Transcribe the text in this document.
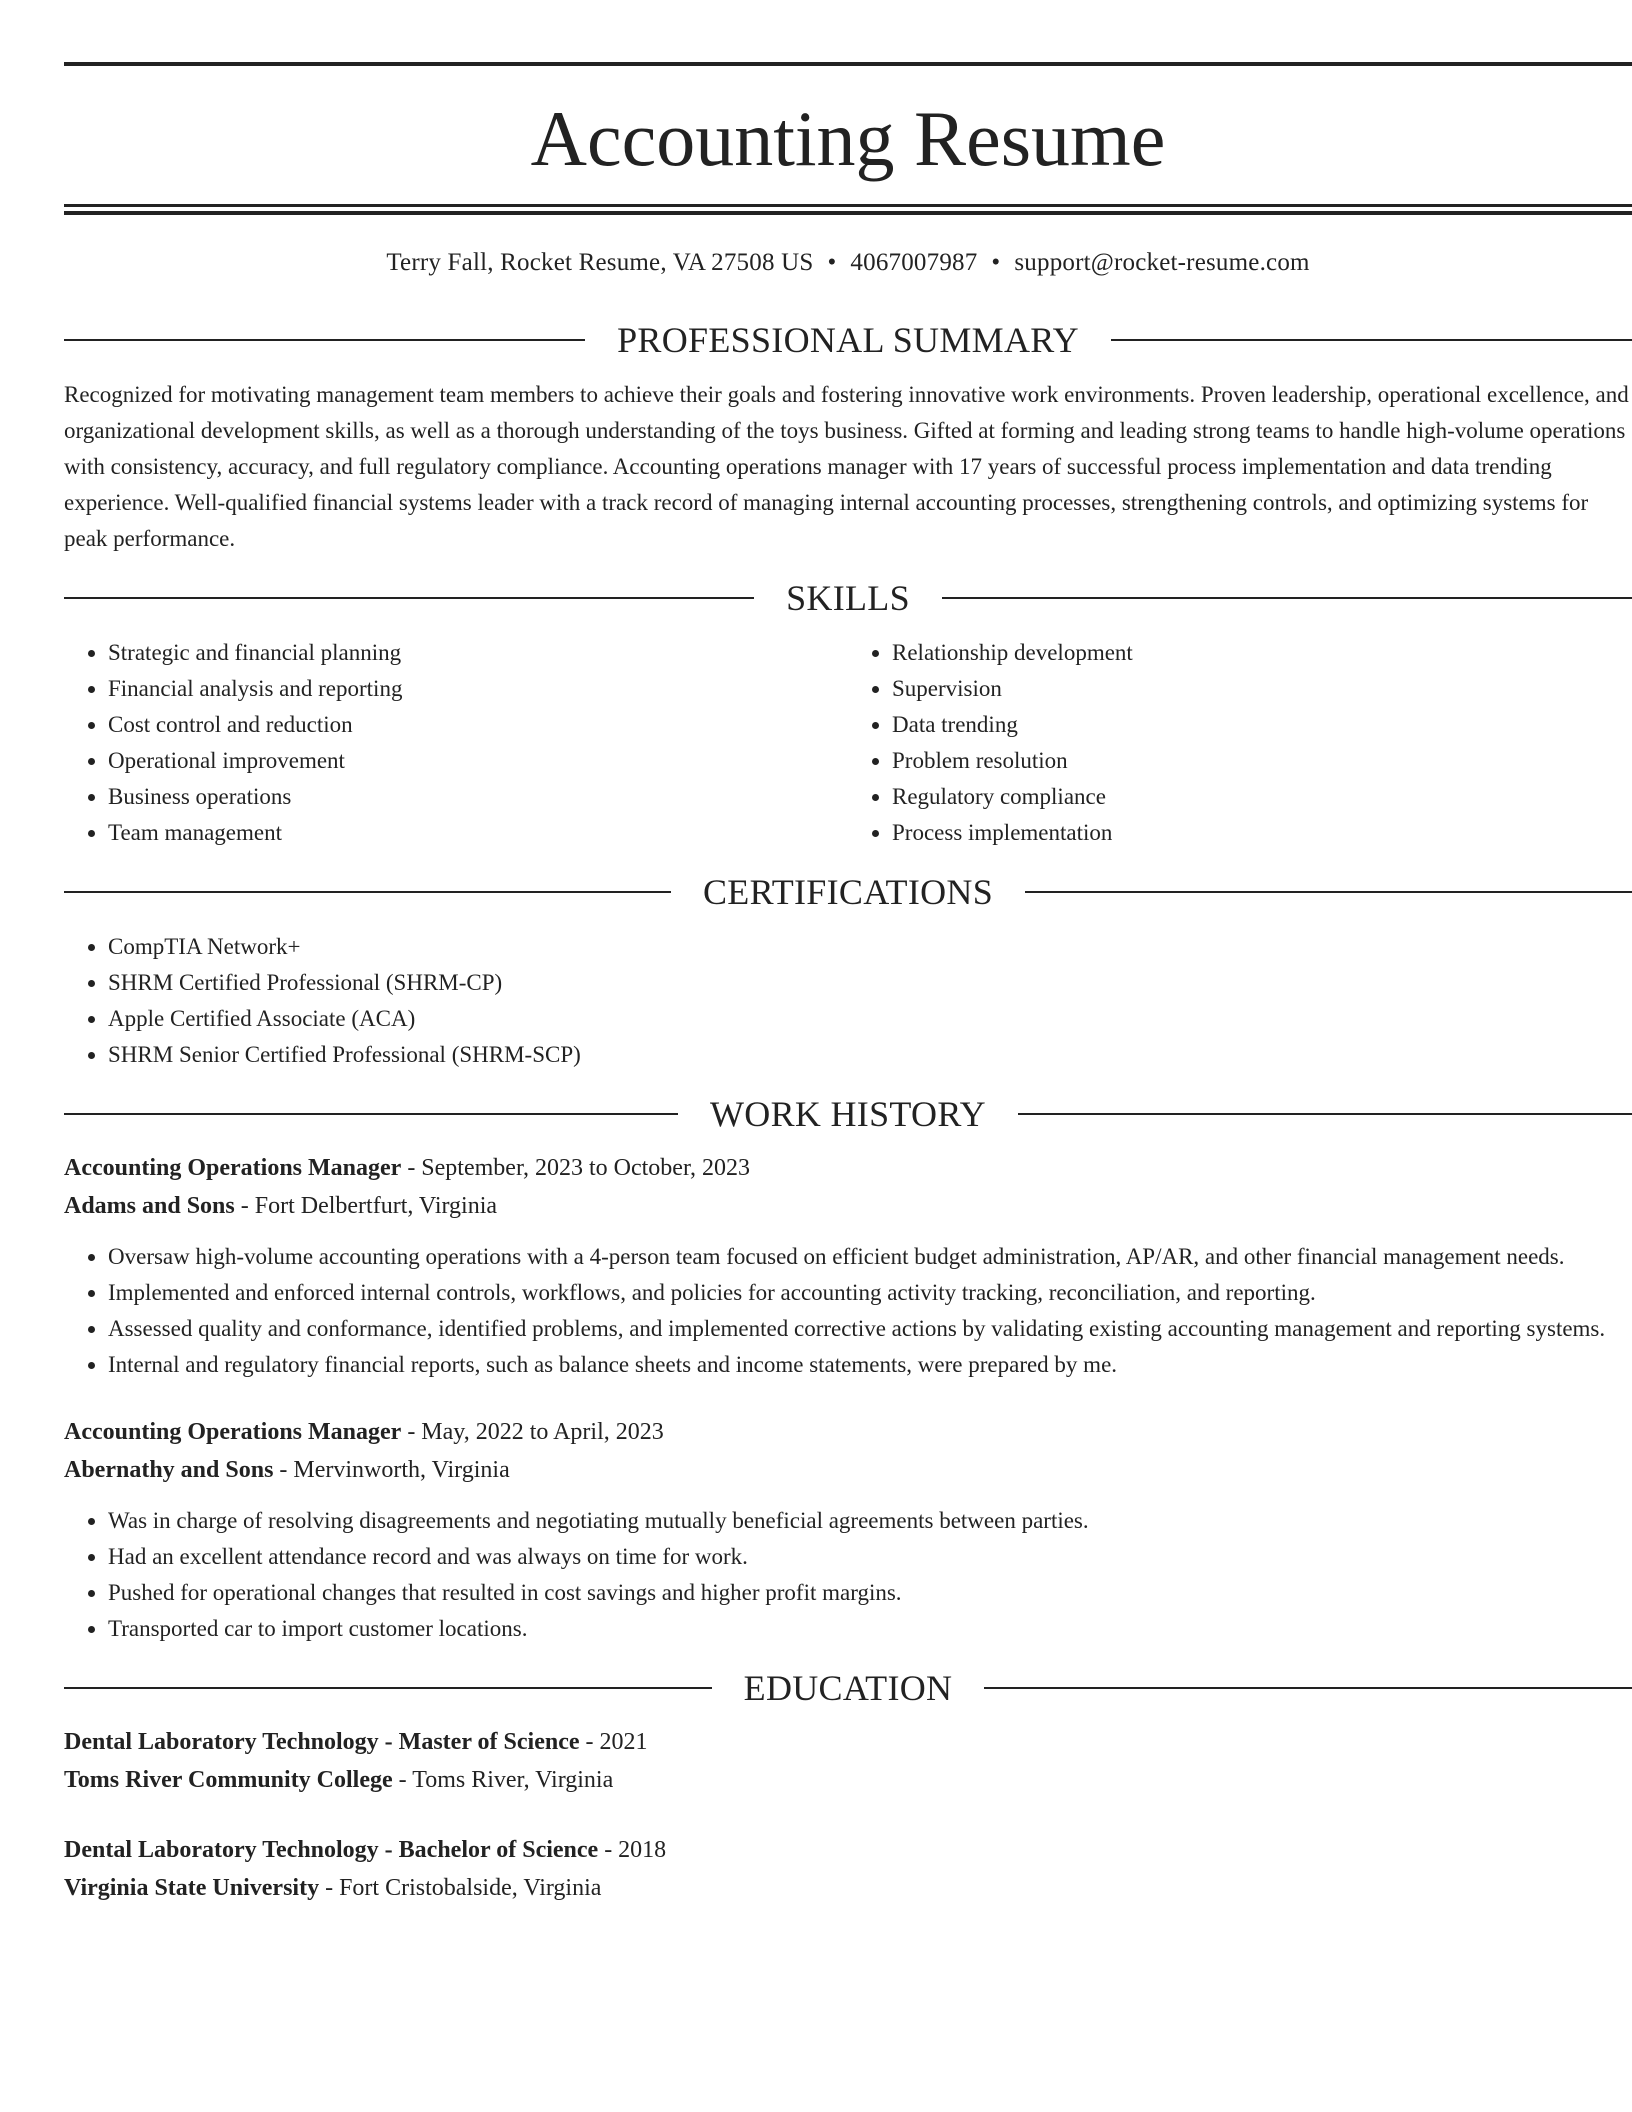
Accounting Resume
Terry Fall, Rocket Resume, VA 27508 US • 4067007987 • support@rocket-resume.com
PROFESSIONAL SUMMARY

Recognized for motivating management team members to achieve their goals and fostering innovative work environments. Proven leadership, operational excellence, and organizational development skills, as well as a thorough understanding of the toys business. Gifted at forming and leading strong teams to handle high-volume operations with consistency, accuracy, and full regulatory compliance. Accounting operations manager with 17 years of successful process implementation and data trending experience. Well-qualified financial systems leader with a track record of managing internal accounting processes, strengthening controls, and optimizing systems for peak performance.

SKILLS
• Strategic and financial planning
• Financial analysis and reporting
• Cost control and reduction
• Operational improvement
• Business operations
• Team management
• Relationship development
• Supervision
• Data trending
• Problem resolution
• Regulatory compliance
• Process implementation
CERTIFICATIONS
• CompTIA Network+
• SHRM Certified Professional (SHRM-CP)
• Apple Certified Associate (ACA)
• SHRM Senior Certified Professional (SHRM-SCP)
WORK HISTORY
Accounting Operations Manager - September, 2023 to October, 2023
Adams and Sons - Fort Delbertfurt, Virginia
• Oversaw high-volume accounting operations with a 4-person team focused on efficient budget administration, AP/AR, and other financial management needs.
• Implemented and enforced internal controls, workflows, and policies for accounting activity tracking, reconciliation, and reporting.
• Assessed quality and conformance, identified problems, and implemented corrective actions by validating existing accounting management and reporting systems.
• Internal and regulatory financial reports, such as balance sheets and income statements, were prepared by me.
Accounting Operations Manager - May, 2022 to April, 2023
Abernathy and Sons - Mervinworth, Virginia
• Was in charge of resolving disagreements and negotiating mutually beneficial agreements between parties.
• Had an excellent attendance record and was always on time for work.
• Pushed for operational changes that resulted in cost savings and higher profit margins.
• Transported car to import customer locations.
EDUCATION
Dental Laboratory Technology - Master of Science - 2021
Toms River Community College - Toms River, Virginia
Dental Laboratory Technology - Bachelor of Science - 2018
Virginia State University - Fort Cristobalside, Virginia
